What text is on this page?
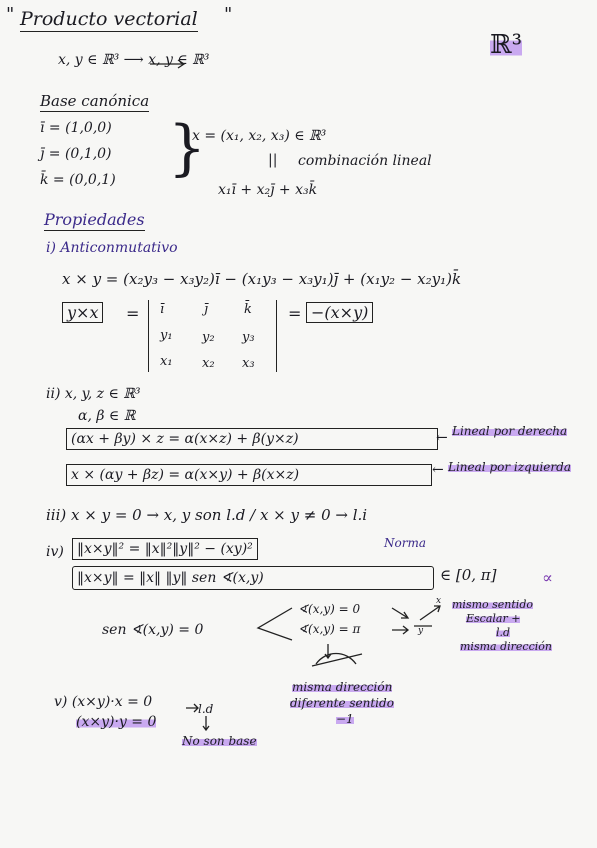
" Producto vectorial "
ℝ³
x, y ∈ ℝ³ ⟶ x, y ∈ ℝ³
Base canónica
ī = (1,0,0)
j̄ = (0,1,0)
k̄ = (0,0,1) }
x = (x₁, x₂, x₃) ∈ ℝ³
|| combinación lineal
x₁ī + x₂j̄ + x₃k̄
Propiedades
i) Anticonmutativo
x × y = (x₂y₃ − x₃y₂)ī − (x₁y₃ − x₃y₁)j̄ + (x₁y₂ − x₂y₁)k̄
y×x	= ī	j̄	k̄
y₁ y₂ y₃
x₁ x₂ x₃
= −(x×y)
ii) x, y, z ∈ ℝ³
α, β ∈ ℝ
(αx + βy) × z = α(x×z) + β(y×z)	← Lineal por derecha
x × (αy + βz) = α(x×y) + β(x×z)	← Lineal por izquierda
iii) x × y = 0 → x, y son l.d / x × y ≠ 0 → l.i
iv) ‖x×y‖² = ‖x‖²‖y‖² − (xy)²	Norma
‖x×y‖ = ‖x‖ ‖y‖ sen ∢(x,y)	∈ [0, π]	∝
sen ∢(x,y) = 0
∢(x,y) = 0
∢(x,y) = π
x
y
mismo sentido
Escalar +
l.d
misma dirección
misma dirección
diferente sentido
−1
v) (x×y)·x = 0
(x×y)·y = 0
l.d
No son base
